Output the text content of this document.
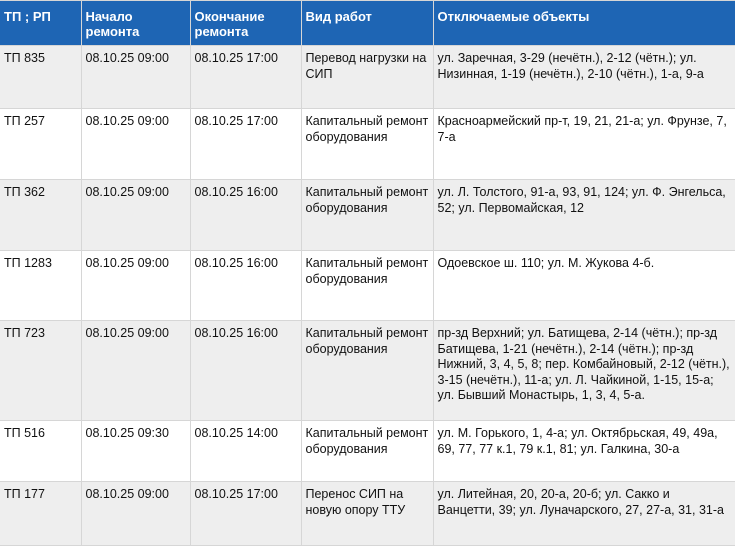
ТП ; РП	Начало ремонта	Окончание ремонта	Вид работ	Отключаемые объекты
ТП 835	08.10.25 09:00	08.10.25 17:00	Перевод нагрузки на СИП	ул. Заречная, 3-29 (нечётн.), 2-12 (чётн.); ул. Низинная, 1-19 (нечётн.), 2-10 (чётн.), 1-а, 9-а
ТП 257	08.10.25 09:00	08.10.25 17:00	Капитальный ремонт оборудования	Красноармейский пр-т, 19, 21, 21-а; ул. Фрунзе, 7, 7-а
ТП 362	08.10.25 09:00	08.10.25 16:00	Капитальный ремонт оборудования	ул. Л. Толстого, 91-а, 93, 91, 124; ул. Ф. Энгельса, 52; ул. Первомайская, 12
ТП 1283	08.10.25 09:00	08.10.25 16:00	Капитальный ремонт оборудования	Одоевское ш. 110; ул. М. Жукова 4-б.
ТП 723	08.10.25 09:00	08.10.25 16:00	Капитальный ремонт оборудования	пр-зд Верхний; ул. Батищева, 2-14 (чётн.); пр-зд Батищева, 1-21 (нечётн.), 2-14 (чётн.); пр-зд Нижний, 3, 4, 5, 8; пер. Комбайновый, 2-12 (чётн.), 3-15 (нечётн.), 11-а; ул. Л. Чайкиной, 1-15, 15-а; ул. Бывший Монастырь, 1, 3, 4, 5-а.
ТП 516	08.10.25 09:30	08.10.25 14:00	Капитальный ремонт оборудования	ул. М. Горького, 1, 4-а; ул. Октябрьская, 49, 49а, 69, 77, 77 к.1, 79 к.1, 81; ул. Галкина, 30-а
ТП 177	08.10.25 09:00	08.10.25 17:00	Перенос СИП на новую опору ТТУ	ул. Литейная, 20, 20-а, 20-б; ул. Сакко и Ванцетти, 39; ул. Луначарского, 27, 27-а, 31, 31-а
